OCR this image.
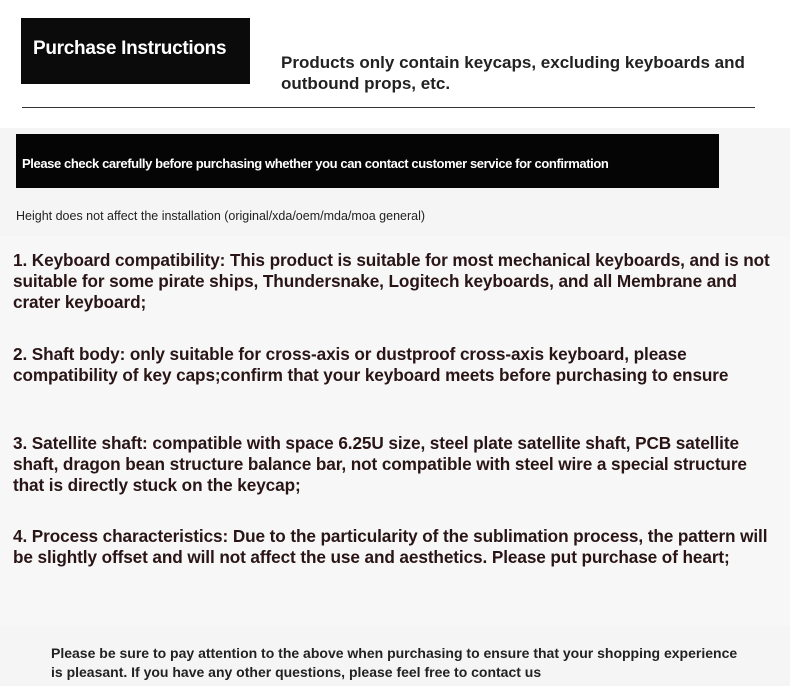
Purchase Instructions
Products only contain keycaps, excluding keyboards and outbound props, etc.
Please check carefully before purchasing whether you can contact customer service for confirmation
Height does not affect the installation (original/xda/oem/mda/moa general)
1. Keyboard compatibility: This product is suitable for most mechanical keyboards, and is not suitable for some pirate ships, Thundersnake, Logitech keyboards, and all Membrane and crater keyboard;
2. Shaft body: only suitable for cross-axis or dustproof cross-axis keyboard, please compatibility of key caps;confirm that your keyboard meets before purchasing to ensure
3. Satellite shaft: compatible with space 6.25U size, steel plate satellite shaft, PCB satellite shaft, dragon bean structure balance bar, not compatible with steel wire a special structure that is directly stuck on the keycap;
4. Process characteristics: Due to the particularity of the sublimation process, the pattern will be slightly offset and will not affect the use and aesthetics. Please put purchase of heart;
Please be sure to pay attention to the above when purchasing to ensure that your shopping experience is pleasant. If you have any other questions, please feel free to contact us
